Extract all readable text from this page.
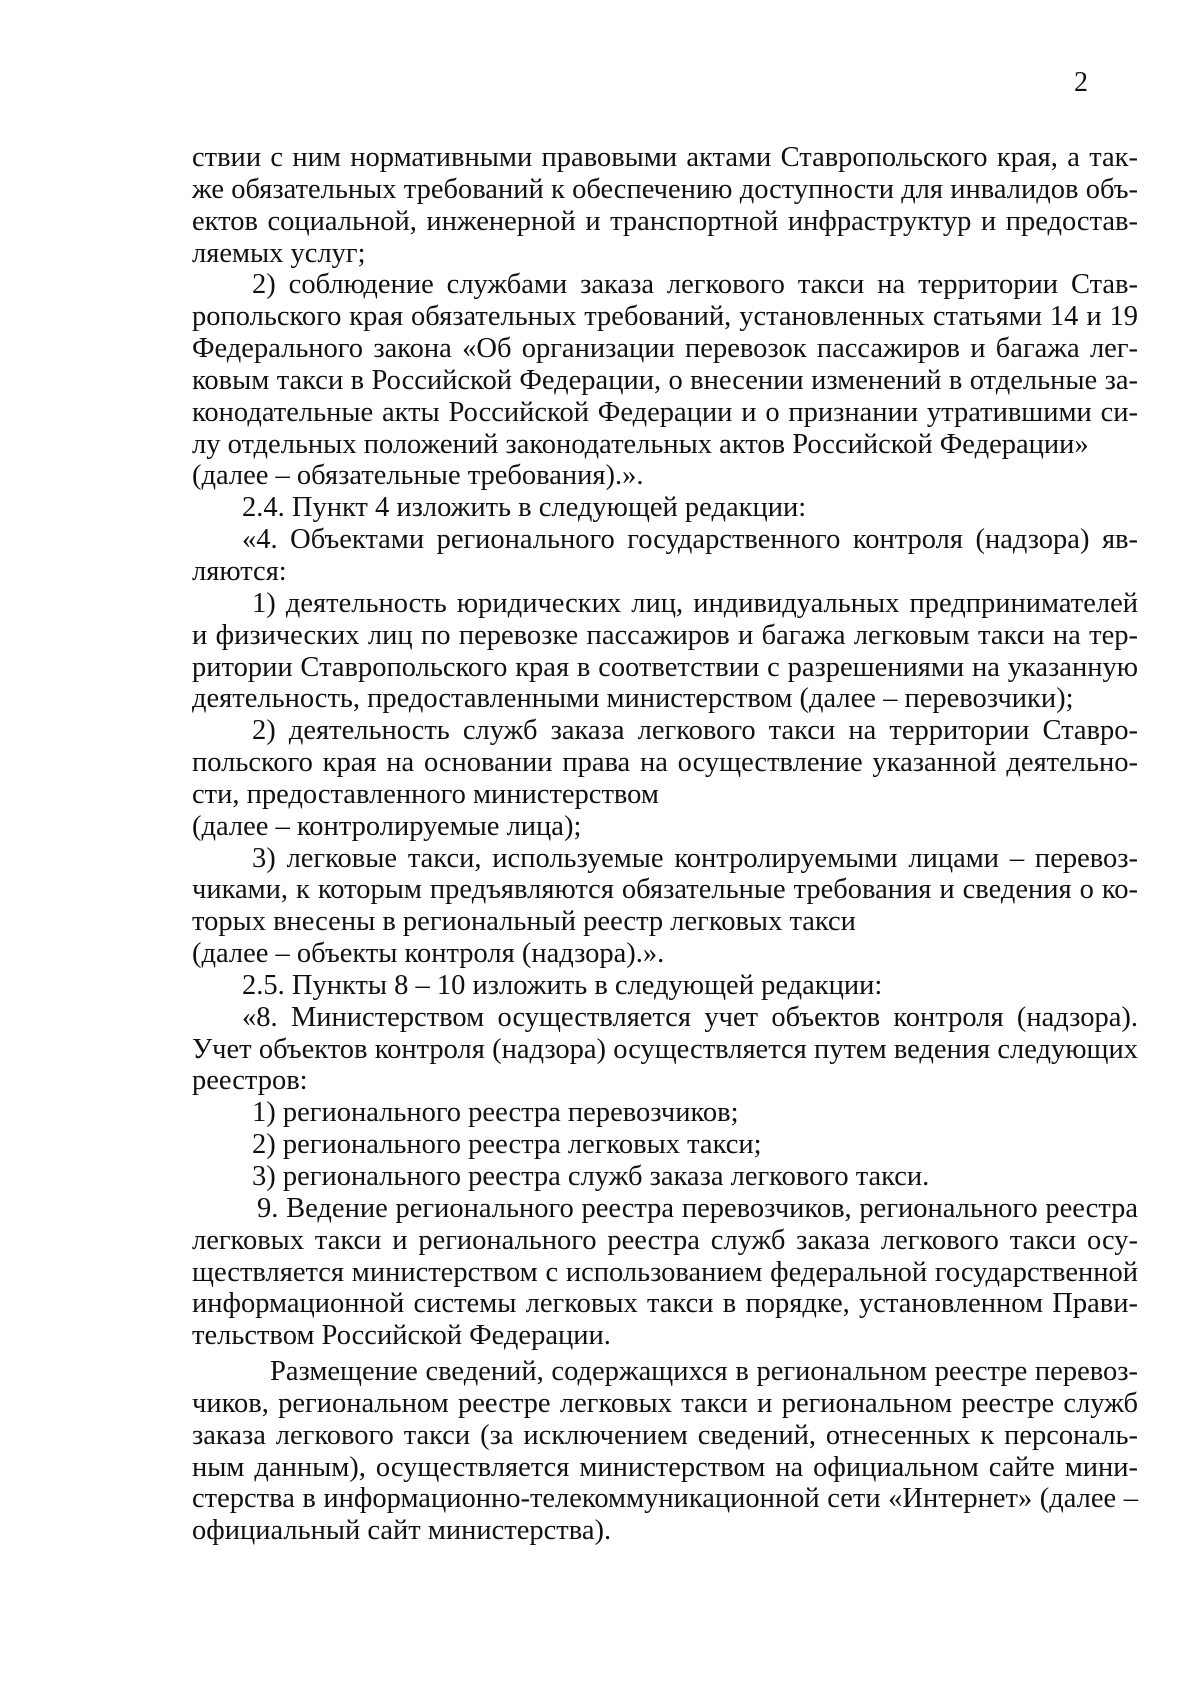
2
ствии с ним нормативными правовыми актами Ставропольского края, а так-
же обязательных требований к обеспечению доступности для инвалидов объ-
ектов социальной, инженерной и транспортной инфраструктур и предостав-
ляемых услуг;
2) соблюдение службами заказа легкового такси на территории Став-
ропольского края обязательных требований, установленных статьями 14 и 19
Федерального закона «Об организации перевозок пассажиров и багажа лег-
ковым такси в Российской Федерации, о внесении изменений в отдельные за-
конодательные акты Российской Федерации и о признании утратившими си-
лу отдельных положений законодательных актов Российской Федерации»
(далее – обязательные требования).».
2.4. Пункт 4 изложить в следующей редакции:
«4. Объектами регионального государственного контроля (надзора) яв-
ляются:
1) деятельность юридических лиц, индивидуальных предпринимателей
и физических лиц по перевозке пассажиров и багажа легковым такси на тер-
ритории Ставропольского края в соответствии с разрешениями на указанную
деятельность, предоставленными министерством (далее – перевозчики);
2) деятельность служб заказа легкового такси на территории Ставро-
польского края на основании права на осуществление указанной деятельно-
сти, предоставленного министерством
(далее – контролируемые лица);
3) легковые такси, используемые контролируемыми лицами – перевоз-
чиками, к которым предъявляются обязательные требования и сведения о ко-
торых внесены в региональный реестр легковых такси
(далее – объекты контроля (надзора).».
2.5. Пункты 8 – 10 изложить в следующей редакции:
«8. Министерством осуществляется учет объектов контроля (надзора).
Учет объектов контроля (надзора) осуществляется путем ведения следующих
реестров:
1) регионального реестра перевозчиков;
2) регионального реестра легковых такси;
3) регионального реестра служб заказа легкового такси.
9. Ведение регионального реестра перевозчиков, регионального реестра
легковых такси и регионального реестра служб заказа легкового такси осу-
ществляется министерством с использованием федеральной государственной
информационной системы легковых такси в порядке, установленном Прави-
тельством Российской Федерации.
Размещение сведений, содержащихся в региональном реестре перевоз-
чиков, региональном реестре легковых такси и региональном реестре служб
заказа легкового такси (за исключением сведений, отнесенных к персональ-
ным данным), осуществляется министерством на официальном сайте мини-
стерства в информационно-телекоммуникационной сети «Интернет» (далее –
официальный сайт министерства).
